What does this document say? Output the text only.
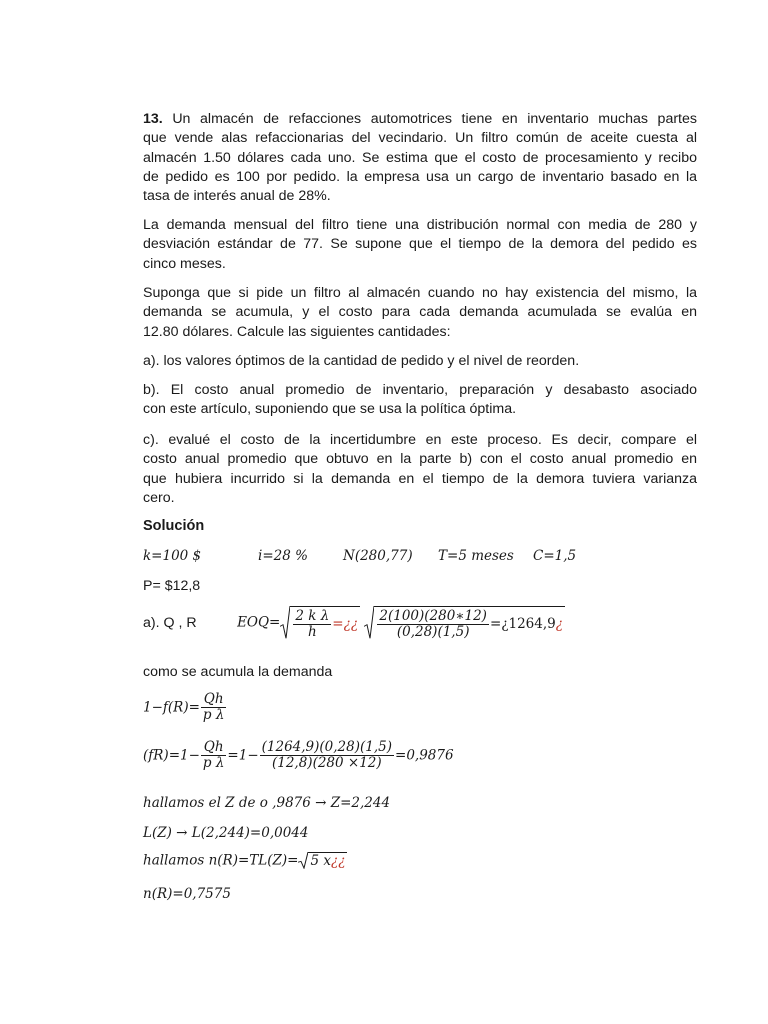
13. Un almacén de refacciones automotrices tiene en inventario muchas partes
que vende alas refaccionarias del vecindario. Un filtro común de aceite cuesta al
almacén 1.50 dólares cada uno. Se estima que el costo de procesamiento y recibo
de pedido es 100 por pedido. la empresa usa un cargo de inventario basado en la
tasa de interés anual de 28%.
La demanda mensual del filtro tiene una distribución normal con media de 280 y
desviación estándar de 77. Se supone que el tiempo de la demora del pedido es
cinco meses.
Suponga que si pide un filtro al almacén cuando no hay existencia del mismo, la
demanda se acumula, y el costo para cada demanda acumulada se evalúa en
12.80 dólares. Calcule las siguientes cantidades:
a). los valores óptimos de la cantidad de pedido y el nivel de reorden.
b). El costo anual promedio de inventario, preparación y desabasto asociado
con este artículo, suponiendo que se usa la política óptima.
c). evalué el costo de la incertidumbre en este proceso. Es decir, compare el
costo anual promedio que obtuvo en la parte b) con el costo anual promedio en
que hubiera incurrido si la demanda en el tiempo de la demora tuviera varianza
cero.
Solución
k=100 $	i=28 %	N(280,77) T=5 meses C=1,5
P= $12,8
a). Q , R	$EOQ= \frac{\text{2 k λ}}{h}$ =¿¿ $\frac{2(100)(280∗12)}{(0,28)(1,5)}$ =¿1264,9¿
como se acumula la demanda
$1-f(R)= \frac{Qh}{\text{p λ}}$
$(fR)=1- \frac{Qh}{\text{p λ}} =1- \frac{(1264,9)(0,28)(1,5)}{(12,8)(280 \times 12)} =0,9876$
hallamos el Z de o ,9876 → Z=2,244
L(Z) → L(2,244)=0,0044
hallamos n(R)=TL(Z)= 5 x¿¿
n(R)=0,7575
